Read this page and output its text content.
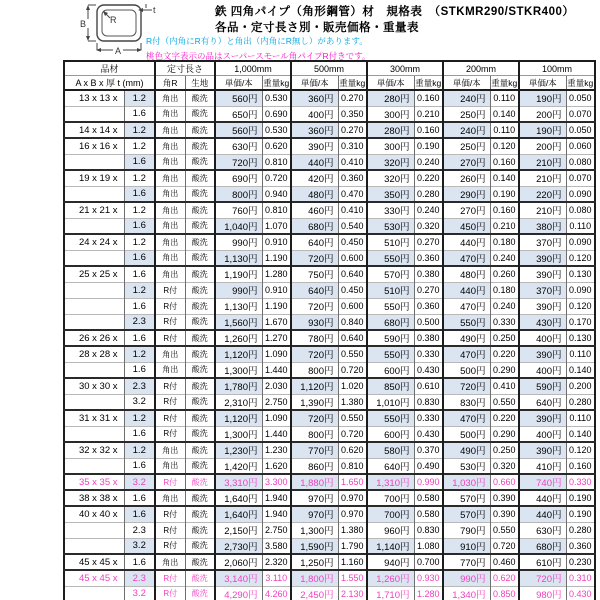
B
A
R
t	鉄 四角パイプ（角形鋼管）材　規格表　（STKMR290/STKR400）
各品・定寸長さ別・販売価格・重量表
R付（内角にR有り）と角出（内角にR無し）があります。
桃色文字表示の品はスーパースモール角パイプR付きです。
品材		定寸長さ		1,000mm		500mm		300mm		200mm		100mm	
A x B x 厚 t (mm)		角R	生地	単価/本	重量kg	単価/本	重量kg	単価/本	重量kg	単価/本	重量kg	単価/本	重量kg
13 x 13 x	1.2	角出	酸洗	560円	0.530	360円	0.270	280円	0.160	240円	0.110	190円	0.050
	1.6	角出	酸洗	650円	0.690	400円	0.350	300円	0.210	250円	0.140	200円	0.070
14 x 14 x	1.2	角出	酸洗	560円	0.530	360円	0.270	280円	0.160	240円	0.110	190円	0.050
16 x 16 x	1.2	角出	酸洗	630円	0.620	390円	0.310	300円	0.190	250円	0.120	200円	0.060
	1.6	角出	酸洗	720円	0.810	440円	0.410	320円	0.240	270円	0.160	210円	0.080
19 x 19 x	1.2	角出	酸洗	690円	0.720	420円	0.360	320円	0.220	260円	0.140	210円	0.070
	1.6	角出	酸洗	800円	0.940	480円	0.470	350円	0.280	290円	0.190	220円	0.090
21 x 21 x	1.2	角出	酸洗	760円	0.810	460円	0.410	330円	0.240	270円	0.160	210円	0.080
	1.6	角出	酸洗	1,040円	1.070	680円	0.540	530円	0.320	450円	0.210	380円	0.110
24 x 24 x	1.2	角出	酸洗	990円	0.910	640円	0.450	510円	0.270	440円	0.180	370円	0.090
	1.6	角出	酸洗	1,130円	1.190	720円	0.600	550円	0.360	470円	0.240	390円	0.120
25 x 25 x	1.6	角出	酸洗	1,190円	1.280	750円	0.640	570円	0.380	480円	0.260	390円	0.130
	1.2	R付	酸洗	990円	0.910	640円	0.450	510円	0.270	440円	0.180	370円	0.090
	1.6	R付	酸洗	1,130円	1.190	720円	0.600	550円	0.360	470円	0.240	390円	0.120
	2.3	R付	酸洗	1,560円	1.670	930円	0.840	680円	0.500	550円	0.330	430円	0.170
26 x 26 x	1.6	R付	酸洗	1,260円	1.270	780円	0.640	590円	0.380	490円	0.250	400円	0.130
28 x 28 x	1.2	角出	酸洗	1,120円	1.090	720円	0.550	550円	0.330	470円	0.220	390円	0.110
	1.6	角出	酸洗	1,300円	1.440	800円	0.720	600円	0.430	500円	0.290	400円	0.140
30 x 30 x	2.3	R付	酸洗	1,780円	2.030	1,120円	1.020	850円	0.610	720円	0.410	590円	0.200
	3.2	R付	酸洗	2,310円	2.750	1,390円	1.380	1,010円	0.830	830円	0.550	640円	0.280
31 x 31 x	1.2	R付	酸洗	1,120円	1.090	720円	0.550	550円	0.330	470円	0.220	390円	0.110
	1.6	R付	酸洗	1,300円	1.440	800円	0.720	600円	0.430	500円	0.290	400円	0.140
32 x 32 x	1.2	角出	酸洗	1,230円	1.230	770円	0.620	580円	0.370	490円	0.250	390円	0.120
	1.6	角出	酸洗	1,420円	1.620	860円	0.810	640円	0.490	530円	0.320	410円	0.160
35 x 35 x	3.2	R付	酸洗	3,310円	3.300	1,880円	1.650	1,310円	0.990	1,030円	0.660	740円	0.330
38 x 38 x	1.6	角出	酸洗	1,640円	1.940	970円	0.970	700円	0.580	570円	0.390	440円	0.190
40 x 40 x	1.6	R付	酸洗	1,640円	1.940	970円	0.970	700円	0.580	570円	0.390	440円	0.190
	2.3	R付	酸洗	2,150円	2.750	1,300円	1.380	960円	0.830	790円	0.550	630円	0.280
	3.2	R付	酸洗	2,730円	3.580	1,590円	1.790	1,140円	1.080	910円	0.720	680円	0.360
45 x 45 x	1.6	角出	酸洗	2,060円	2.320	1,250円	1.160	940円	0.700	770円	0.460	610円	0.230
45 x 45 x	2.3	R付	酸洗	3,140円	3.110	1,800円	1.550	1,260円	0.930	990円	0.620	720円	0.310
	3.2	R付	酸洗	4,290円	4.260	2,450円	2.130	1,710円	1.280	1,340円	0.850	980円	0.430
